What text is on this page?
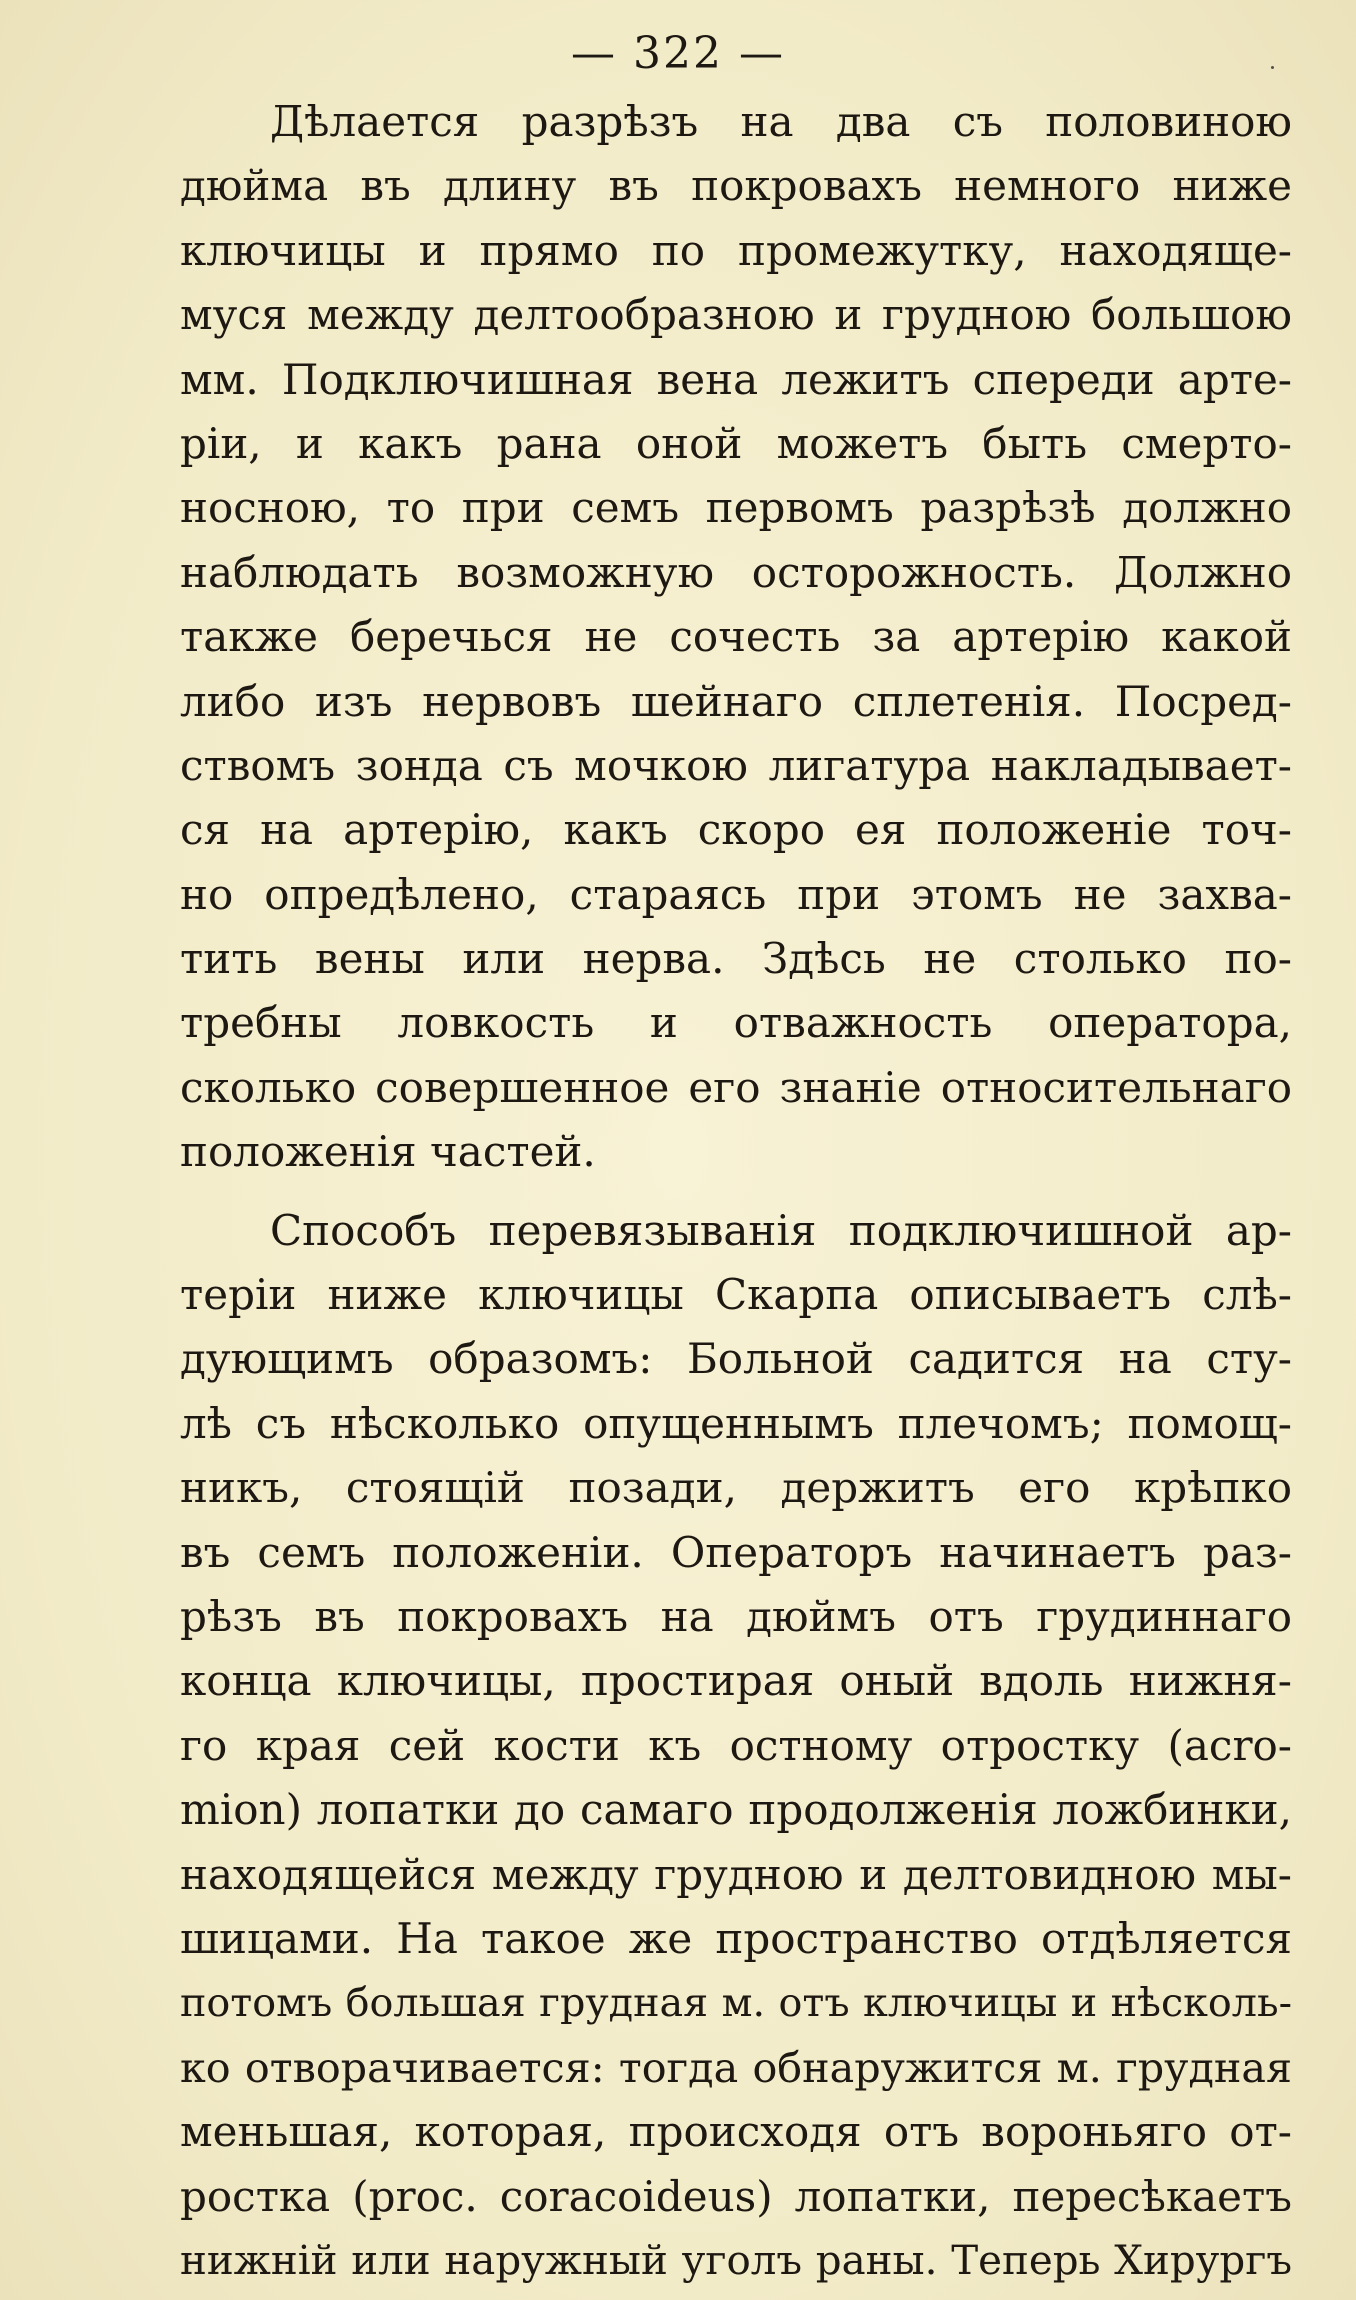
— 322 —
Дѣлается разрѣзъ на два съ половиною
дюйма въ длину въ покровахъ немного ниже
ключицы и прямо по промежутку, находяще-
муся между делтообразною и грудною большою
мм. Подключишная вена лежитъ спереди арте-
ріи, и какъ рана оной можетъ быть смерто-
носною, то при семъ первомъ разрѣзѣ должно
наблюдать возможную осторожность. Должно
также беречься не сочесть за артерію какой
либо изъ нервовъ шейнаго сплетенія. Посред-
ствомъ зонда съ мочкою лигатура накладывает-
ся на артерію, какъ скоро ея положеніе точ-
но опредѣлено, стараясь при этомъ не захва-
тить вены или нерва. Здѣсь не столько по-
требны ловкость и отважность оператора,
сколько совершенное его знаніе относительнаго
положенія частей.
Способъ перевязыванія подключишной ар-
теріи ниже ключицы Скарпа описываетъ слѣ-
дующимъ образомъ: Больной садится на сту-
лѣ съ нѣсколько опущеннымъ плечомъ; помощ-
никъ, стоящій позади, держитъ его крѣпко
въ семъ положеніи. Операторъ начинаетъ раз-
рѣзъ въ покровахъ на дюймъ отъ грудиннаго
конца ключицы, простирая оный вдоль нижня-
го края сей кости къ остному отростку (acro-
mion) лопатки до самаго продолженія ложбинки,
находящейся между грудною и делтовидною мы-
шицами. На такое же пространство отдѣляется
потомъ большая грудная м. отъ ключицы и нѣсколь-
ко отворачивается: тогда обнаружится м. грудная
меньшая, которая, происходя отъ вороньяго от-
ростка (proc. coracoideus) лопатки, пересѣкаетъ
нижній или наружный уголъ раны. Теперь Хирургъ
